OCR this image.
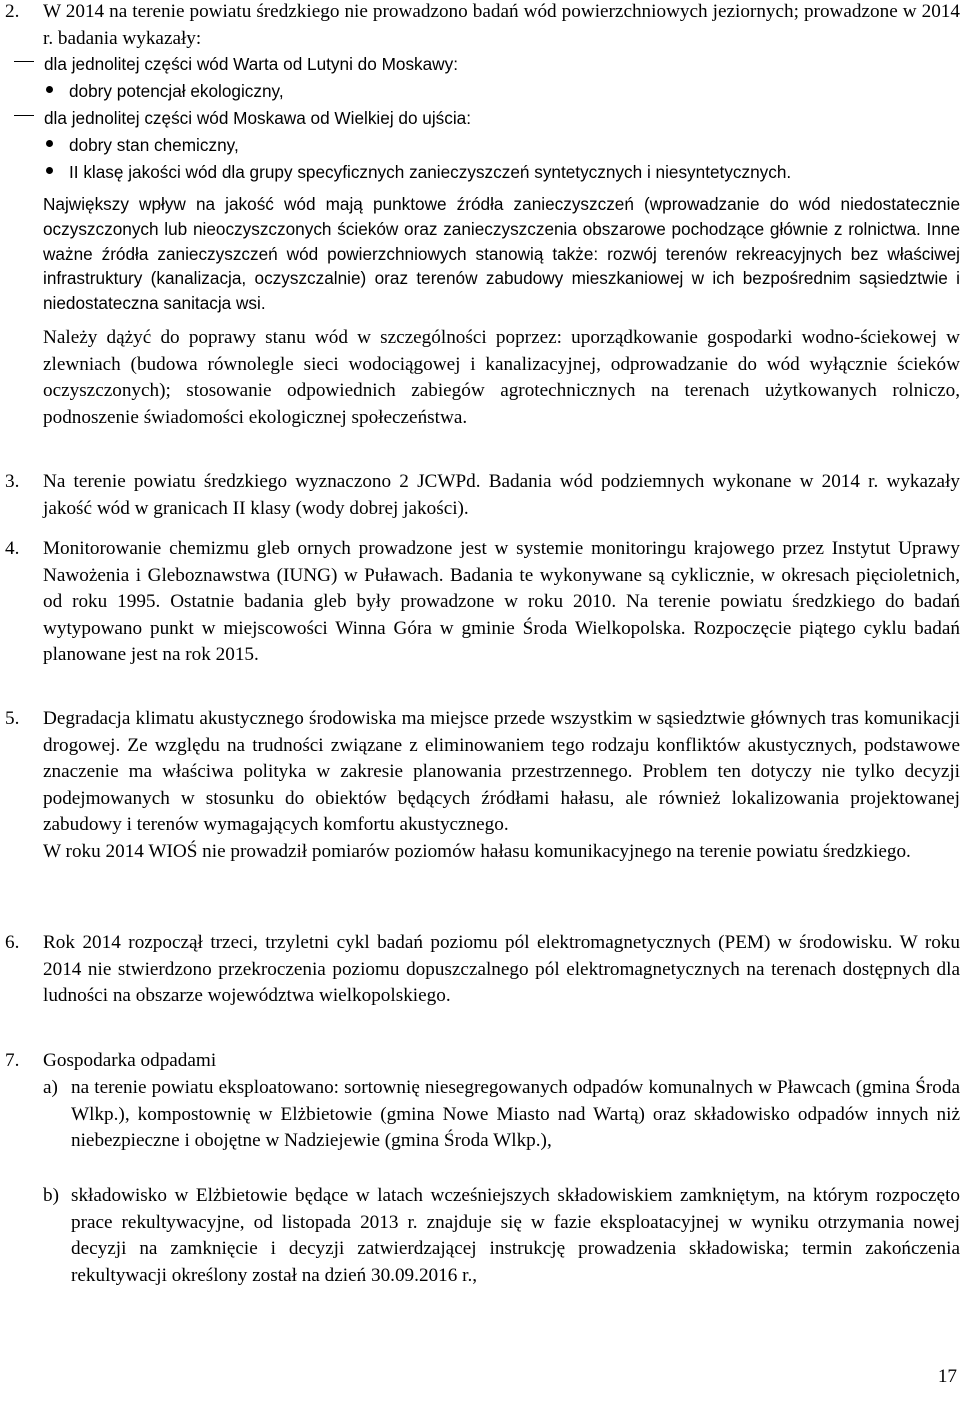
2. W 2014 na terenie powiatu średzkiego nie prowadzono badań wód powierzchniowych jeziornych; prowadzone w 2014 r. badania wykazały:
dla jednolitej części wód Warta od Lutyni do Moskawy:
dobry potencjał ekologiczny,
dla jednolitej części wód Moskawa od Wielkiej do ujścia:
dobry stan chemiczny,
II klasę jakości wód dla grupy specyficznych zanieczyszczeń syntetycznych i niesyntetycznych.
Największy wpływ na jakość wód mają punktowe źródła zanieczyszczeń (wprowadzanie do wód niedostatecznie oczyszczonych lub nieoczyszczonych ścieków oraz zanieczyszczenia obszarowe pochodzące głównie z rolnictwa. Inne ważne źródła zanieczyszczeń wód powierzchniowych stanowią także: rozwój terenów rekreacyjnych bez właściwej infrastruktury (kanalizacja, oczyszczalnie) oraz terenów zabudowy mieszkaniowej w ich bezpośrednim sąsiedztwie i niedostateczna sanitacja wsi.
Należy dążyć do poprawy stanu wód w szczególności poprzez: uporządkowanie gospodarki wodno-ściekowej w zlewniach (budowa równolegle sieci wodociągowej i kanalizacyjnej, odprowadzanie do wód wyłącznie ścieków oczyszczonych); stosowanie odpowiednich zabiegów agrotechnicznych na terenach użytkowanych rolniczo, podnoszenie świadomości ekologicznej społeczeństwa.
3. Na terenie powiatu średzkiego wyznaczono 2 JCWPd. Badania wód podziemnych wykonane w 2014 r. wykazały jakość wód w granicach II klasy (wody dobrej jakości).
4. Monitorowanie chemizmu gleb ornych prowadzone jest w systemie monitoringu krajowego przez Instytut Uprawy Nawożenia i Gleboznawstwa (IUNG) w Puławach. Badania te wykonywane są cyklicznie, w okresach pięcioletnich, od roku 1995. Ostatnie badania gleb były prowadzone w roku 2010. Na terenie powiatu średzkiego do badań wytypowano punkt w miejscowości Winna Góra w gminie Środa Wielkopolska. Rozpoczęcie piątego cyklu badań planowane jest na rok 2015.
5. Degradacja klimatu akustycznego środowiska ma miejsce przede wszystkim w sąsiedztwie głównych tras komunikacji drogowej. Ze względu na trudności związane z eliminowaniem tego rodzaju konfliktów akustycznych, podstawowe znaczenie ma właściwa polityka w zakresie planowania przestrzennego. Problem ten dotyczy nie tylko decyzji podejmowanych w stosunku do obiektów będących źródłami hałasu, ale również lokalizowania projektowanej zabudowy i terenów wymagających komfortu akustycznego.
W roku 2014 WIOŚ nie prowadził pomiarów poziomów hałasu komunikacyjnego na terenie powiatu średzkiego.
6. Rok 2014 rozpoczął trzeci, trzyletni cykl badań poziomu pól elektromagnetycznych (PEM) w środowisku. W roku 2014 nie stwierdzono przekroczenia poziomu dopuszczalnego pól elektromagnetycznych na terenach dostępnych dla ludności na obszarze województwa wielkopolskiego.
7. Gospodarka odpadami
a) na terenie powiatu eksploatowano: sortownię niesegregowanych odpadów komunalnych w Pławcach (gmina Środa Wlkp.), kompostownię w Elżbietowie (gmina Nowe Miasto nad Wartą) oraz składowisko odpadów innych niż niebezpieczne i obojętne w Nadziejewie (gmina Środa Wlkp.),
b) składowisko w Elżbietowie będące w latach wcześniejszych składowiskiem zamkniętym, na którym rozpoczęto prace rekultywacyjne, od listopada 2013 r. znajduje się w fazie eksploatacyjnej w wyniku otrzymania nowej decyzji na zamknięcie i decyzji zatwierdzającej instrukcję prowadzenia składowiska; termin zakończenia rekultywacji określony został na dzień 30.09.2016 r.,
17
